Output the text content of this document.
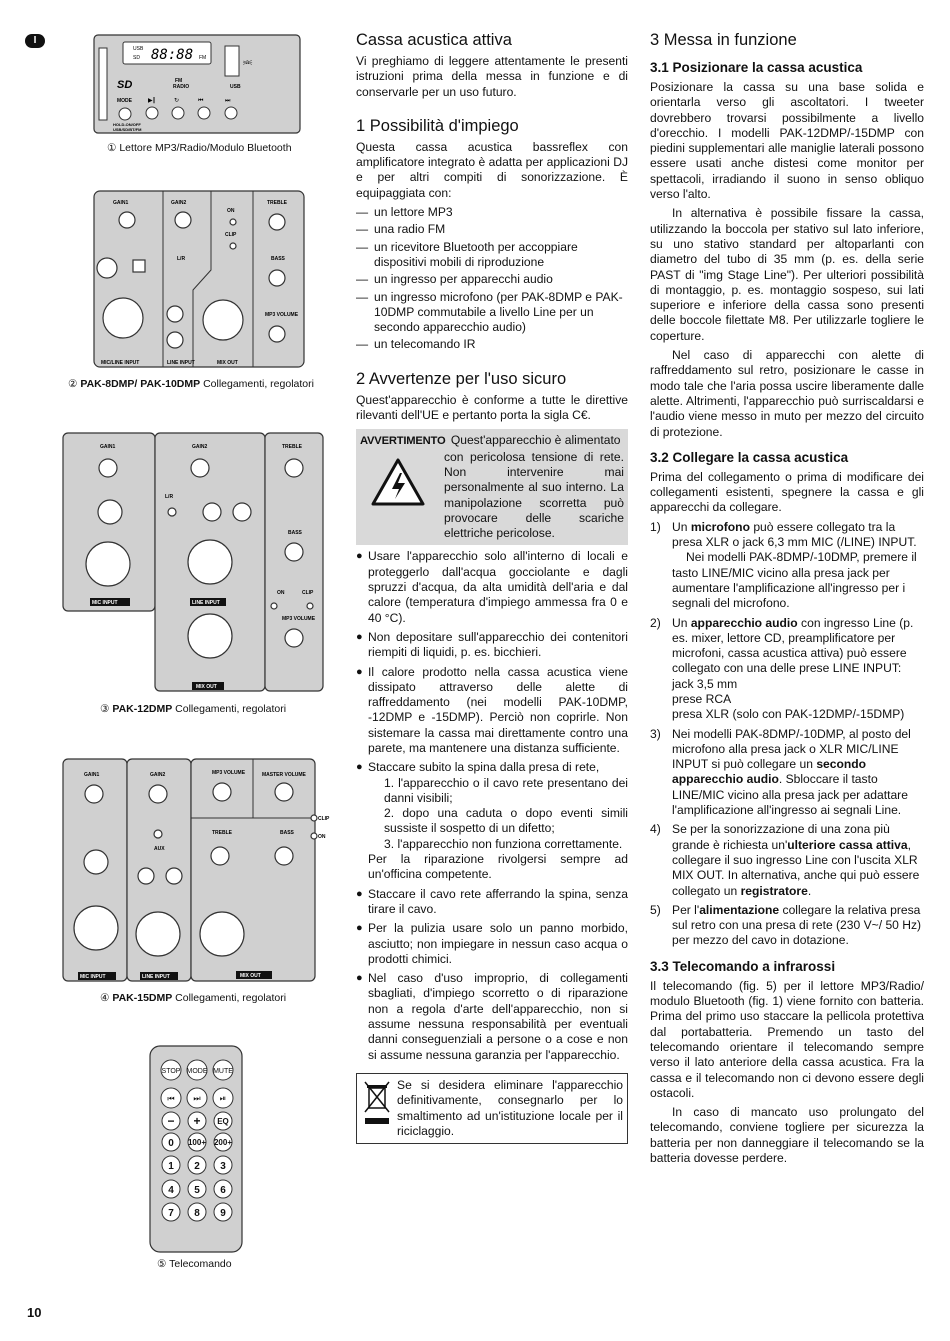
I
USB
SD 88:88 FM	⎃
SD	FM
RADIO	USB
MODE	▶‖	↻	⏮	⏭
HOLD-ON/OFF
USB/SD/BT/FM
① Lettore MP3/Radio/Modulo Bluetooth
GAIN1	GAIN2
ON
CLIP
TREBLE
BASS
L/R
MP3 VOLUME
MIC/LINE INPUT	LINE INPUT	MIX OUT
② PAK-8DMP/ PAK-10DMP Collegamenti, regolatori
GAIN1	GAIN2	TREBLE
BASS
ON	CLIP
L/R
MP3 VOLUME
MIC INPUT	LINE INPUT
MIX OUT
③ PAK-12DMP Collegamenti, regolatori
GAIN1	GAIN2	MP3 VOLUME	MASTER VOLUME
CLIP
ON
AUX
TREBLE	BASS
MIC INPUT	LINE INPUT	MIX OUT
④ PAK-15DMP Collegamenti, regolatori
STOP MODE MUTE
⏮ ⏭ ⏯
− + EQ
0 100+ 200+
1 2 3
4 5 6
7 8 9
⑤ Telecomando
Cassa acustica attiva

Vi preghiamo di leggere attentamente le presenti istruzioni prima della messa in funzione e di conservarle per un uso futuro.

1 Possibilità d'impiego

Questa cassa acustica bassreflex con amplificatore integrato è adatta per applicazioni DJ e per altri compiti di sonorizzazione. È equipaggiata con:

— un lettore MP3
— una radio FM
— un ricevitore Bluetooth per accoppiare dispositivi mobili di riproduzione
— un ingresso per apparecchi audio
— un ingresso microfono (per PAK-8DMP e PAK-10DMP commutabile a livello Line per un secondo apparecchio audio)
— un telecomando IR
2 Avvertenze per l'uso sicuro

Quest'apparecchio è conforme a tutte le direttive rilevanti dell'UE e pertanto porta la sigla C€.

AVVERTIMENTO Quest'apparecchio è alimentato
con pericolosa tensione di rete. Non intervenire mai personalmente al suo interno. La manipolazione scorretta può provocare delle scariche elettriche pericolose.
● Usare l'apparecchio solo all'interno di locali e proteggerlo dall'acqua gocciolante e dagli spruzzi d'acqua, da alta umidità dell'aria e dal calore (temperatura d'impiego ammessa fra 0 e 40 °C).
● Non depositare sull'apparecchio dei contenitori riempiti di liquidi, p. es. bicchieri.
● Il calore prodotto nella cassa acustica viene dissipato attraverso delle alette di raffreddamento (nei modelli PAK-10DMP, -12DMP e -15DMP). Perciò non coprirle. Non sistemare la cassa mai direttamente contro una parete, ma mantenere una distanza sufficiente.
● Staccare subito la spina dalla presa di rete,
1. l'apparecchio o il cavo rete presentano dei danni visibili;
2. dopo una caduta o dopo eventi simili sussiste il sospetto di un difetto;
3. l'apparecchio non funziona correttamente.
Per la riparazione rivolgersi sempre ad un'officina competente.
● Staccare il cavo rete afferrando la spina, senza tirare il cavo.
● Per la pulizia usare solo un panno morbido, asciutto; non impiegare in nessun caso acqua o prodotti chimici.
● Nel caso d'uso improprio, di collegamenti sbagliati, d'impiego scorretto o di riparazione non a regola d'arte dell'apparecchio, non si assume nessuna responsabilità per eventuali danni conseguenziali a persone o a cose e non si assume nessuna garanzia per l'apparecchio.
Se si desidera eliminare l'apparecchio definitivamente, consegnarlo per lo smaltimento ad un'istituzione locale per il riciclaggio.
3 Messa in funzione
3.1 Posizionare la cassa acustica

Posizionare la cassa su una base solida e orientarla verso gli ascoltatori. I tweeter dovrebbero trovarsi possibilmente a livello d'orecchio. I modelli PAK-12DMP/-15DMP con piedini supplementari alle maniglie laterali possono essere usati anche distesi come monitor per spettacoli, irradiando il suono in senso obliquo verso l'alto.

In alternativa è possibile fissare la cassa, utilizzando la boccola per stativo sul lato inferiore, su uno stativo standard per altoparlanti con diametro del tubo di 35 mm (p. es. della serie PAST di "img Stage Line"). Per ulteriori possibilità di montaggio, p. es. montaggio sospeso, sui lati superiore e inferiore della cassa sono presenti delle boccole filettate M8. Per utilizzarle togliere le coperture.

Nel caso di apparecchi con alette di raffreddamento sul retro, posizionare le casse in modo tale che l'aria possa uscire liberamente dalle alette. Altrimenti, l'apparecchio può surriscaldarsi e l'audio viene messo in muto per mezzo del circuito di protezione.

3.2 Collegare la cassa acustica

Prima del collegamento o prima di modificare dei collegamenti esistenti, spegnere la cassa e gli apparecchi da collegare.

1) Un microfono può essere collegato tra la presa XLR o jack 6,3 mm MIC (/LINE) INPUT.
Nei modelli PAK-8DMP/-10DMP, premere il tasto LINE/MIC vicino alla presa jack per aumentare l'amplificazione all'ingresso per i segnali del microfono.
2) Un apparecchio audio con ingresso Line (p. es. mixer, lettore CD, preamplificatore per microfoni, cassa acustica attiva) può essere collegato con una delle prese LINE INPUT:
jack 3,5 mm
prese RCA
presa XLR (solo con PAK-12DMP/-15DMP)
3) Nei modelli PAK-8DMP/-10DMP, al posto del microfono alla presa jack o XLR MIC/LINE INPUT si può collegare un secondo apparecchio audio. Sbloccare il tasto LINE/MIC vicino alla presa jack per adattare l'amplificazione all'ingresso ai segnali Line.
4) Se per la sonorizzazione di una zona più grande è richiesta un'ulteriore cassa attiva, collegare il suo ingresso Line con l'uscita XLR MIX OUT. In alternativa, anche qui può essere collegato un registratore.
5) Per l'alimentazione collegare la relativa presa sul retro con una presa di rete (230 V~/ 50 Hz) per mezzo del cavo in dotazione.
3.3 Telecomando a infrarossi

Il telecomando (fig. 5) per il lettore MP3/Radio/ modulo Bluetooth (fig. 1) viene fornito con batteria. Prima del primo uso staccare la pellicola protettiva dal portabatteria. Premendo un tasto del telecomando orientare il telecomando sempre verso il lato anteriore della cassa acustica. Fra la cassa e il telecomando non ci devono essere degli ostacoli.

In caso di mancato uso prolungato del telecomando, conviene togliere per sicurezza la batteria per non danneggiare il telecomando se la batteria dovesse perdere.

10
